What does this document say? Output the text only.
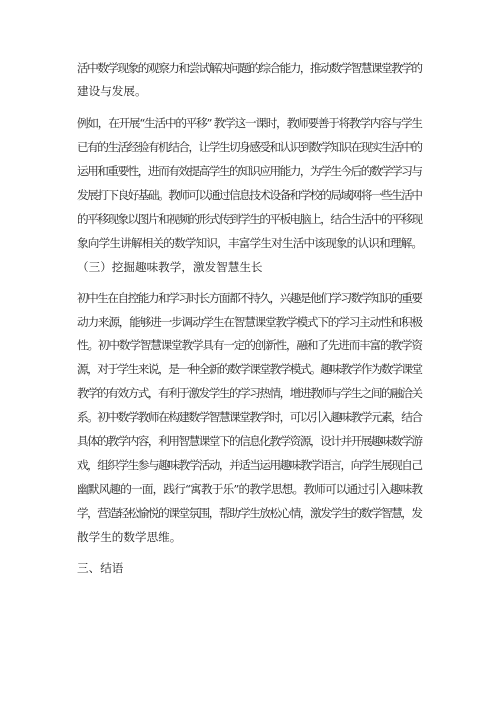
活中数学现象的观察力和尝试解决问题的综合能力，推动数学智慧课堂教学的
建设与发展。
例如，在开展“生活中的平移” 教学这一课时，教师要善于将教学内容与学生
已有的生活经验有机结合，让学生切身感受和认识到数学知识在现实生活中的
运用和重要性，进而有效提高学生的知识应用能力，为学生今后的数学学习与
发展打下良好基础。教师可以通过信息技术设备和学校的局域网将一些生活中
的平移现象以图片和视频的形式传到学生的平板电脑上，结合生活中的平移现
象向学生讲解相关的数学知识，丰富学生对生活中该现象的认识和理解。
（三）挖掘趣味教学，激发智慧生长
初中生在自控能力和学习时长方面都不持久，兴趣是他们学习数学知识的重要
动力来源，能够进一步调动学生在智慧课堂教学模式下的学习主动性和积极
性。初中数学智慧课堂教学具有一定的创新性，融和了先进而丰富的教学资
源，对于学生来说，是一种全新的数学课堂教学模式。趣味教学作为数学课堂
教学的有效方式，有利于激发学生的学习热情，增进教师与学生之间的融洽关
系。初中数学教师在构建数学智慧课堂教学时，可以引入趣味教学元素，结合
具体的教学内容，利用智慧课堂下的信息化教学资源，设计并开展趣味数学游
戏，组织学生参与趣味教学活动，并适当运用趣味教学语言，向学生展现自己
幽默风趣的一面，践行“寓教于乐”的教学思想。教师可以通过引入趣味教
学，营造轻松愉悦的课堂氛围，帮助学生放松心情，激发学生的数学智慧，发
散学生的数学思维。
三、结语
